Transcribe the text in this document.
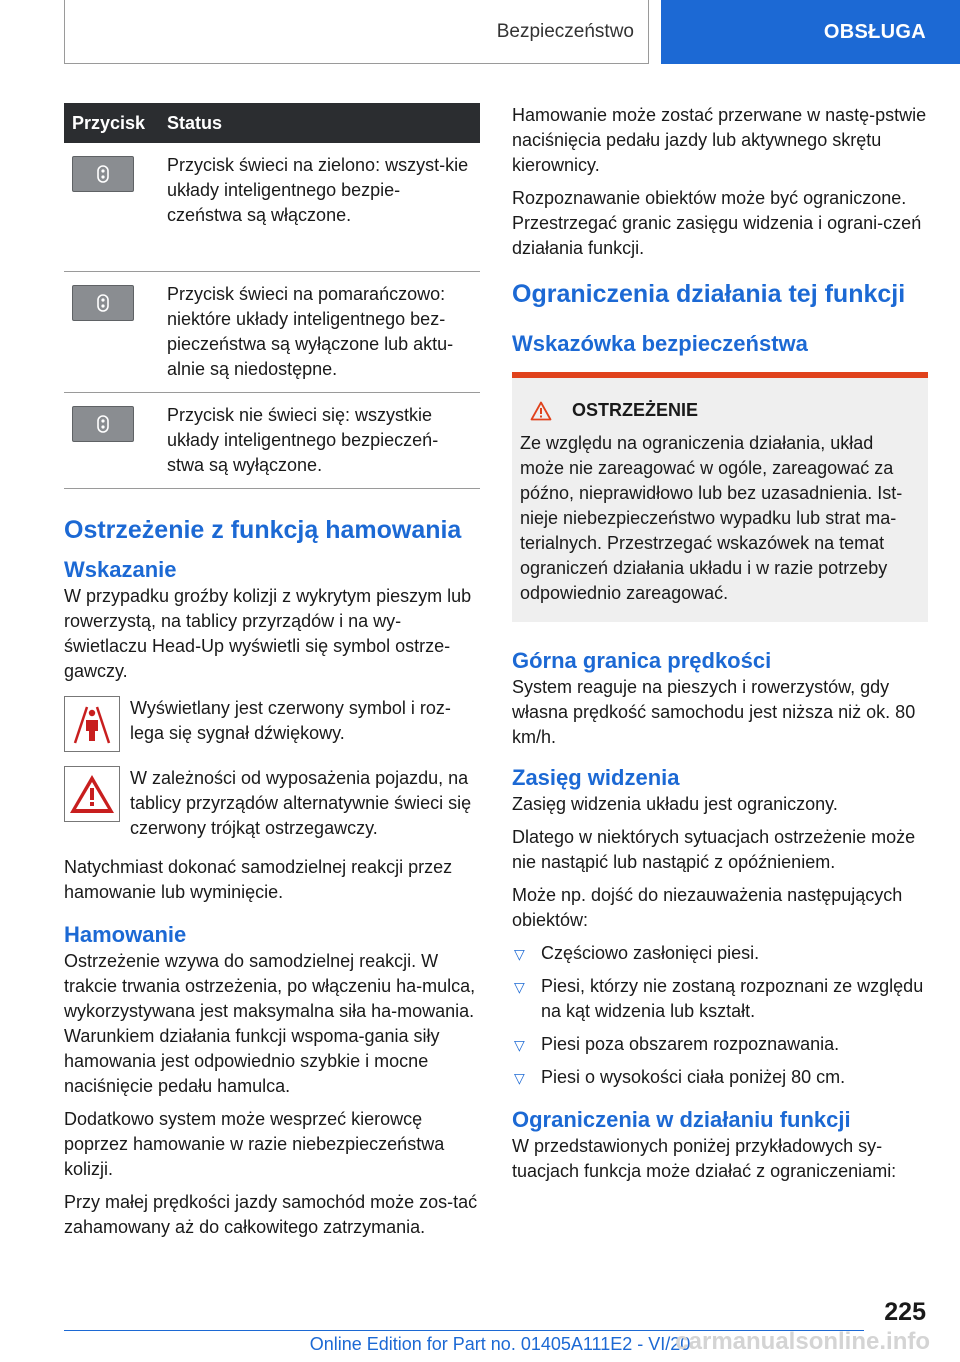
Bezpieczeństwo	OBSŁUGA
Przycisk	Status

	Przycisk świeci na zielono: wszyst-kie układy inteligentnego bezpie-czeństwa są włączone.

	Przycisk świeci na pomarańczowo: niektóre układy inteligentnego bez-pieczeństwa są wyłączone lub aktu-alnie są niedostępne.

	Przycisk nie świeci się: wszystkie układy inteligentnego bezpieczeń-stwa są wyłączone.
Ostrzeżenie z funkcją hamowania
Wskazanie

W przypadku groźby kolizji z wykrytym pieszym lub rowerzystą, na tablicy przyrządów i na wy-świetlaczu Head-Up wyświetli się symbol ostrze-gawczy.

Wyświetlany jest czerwony symbol i roz-lega się sygnał dźwiękowy.
W zależności od wyposażenia pojazdu, na tablicy przyrządów alternatywnie świeci się czerwony trójkąt ostrzegawczy.

Natychmiast dokonać samodzielnej reakcji przez hamowanie lub wyminięcie.

Hamowanie

Ostrzeżenie wzywa do samodzielnej reakcji. W trakcie trwania ostrzeżenia, po włączeniu ha-mulca, wykorzystywana jest maksymalna siła ha-mowania. Warunkiem działania funkcji wspoma-gania siły hamowania jest odpowiednio szybkie i mocne naciśnięcie pedału hamulca.

Dodatkowo system może wesprzeć kierowcę poprzez hamowanie w razie niebezpieczeństwa kolizji.

Przy małej prędkości jazdy samochód może zos-tać zahamowany aż do całkowitego zatrzymania.

Hamowanie może zostać przerwane w nastę-pstwie naciśnięcia pedału jazdy lub aktywnego skrętu kierownicy.

Rozpoznawanie obiektów może być ograniczone. Przestrzegać granic zasięgu widzenia i ograni-czeń działania funkcji.

Ograniczenia działania tej funkcji
Wskazówka bezpieczeństwa
OSTRZEŻENIE
Ze względu na ograniczenia działania, układ może nie zareagować w ogóle, zareagować za późno, nieprawidłowo lub bez uzasadnienia. Ist-nieje niebezpieczeństwo wypadku lub strat ma-terialnych. Przestrzegać wskazówek na temat ograniczeń działania układu i w razie potrzeby odpowiednio zareagować.
Górna granica prędkości

System reaguje na pieszych i rowerzystów, gdy własna prędkość samochodu jest niższa niż ok. 80 km/h.

Zasięg widzenia

Zasięg widzenia układu jest ograniczony.

Dlatego w niektórych sytuacjach ostrzeżenie może nie nastąpić lub nastąpić z opóźnieniem.

Może np. dojść do niezauważenia następujących obiektów:

▽ Częściowo zasłonięci piesi.
▽ Piesi, którzy nie zostaną rozpoznani ze względu na kąt widzenia lub kształt.
▽ Piesi poza obszarem rozpoznawania.
▽ Piesi o wysokości ciała poniżej 80 cm.
Ograniczenia w działaniu funkcji

W przedstawionych poniżej przykładowych sy-tuacjach funkcja może działać z ograniczeniami:

225
Online Edition for Part no. 01405A111E2 - VI/20
carmanualsonline.info
